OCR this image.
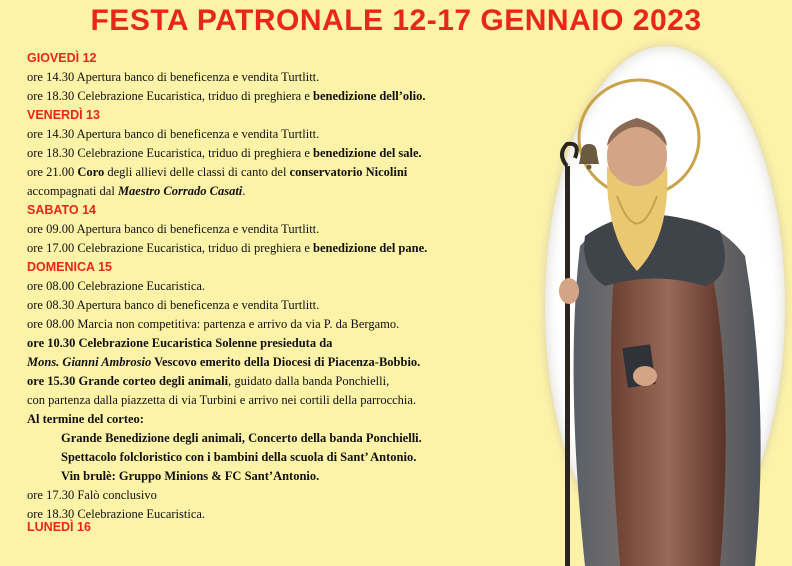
FESTA PATRONALE 12-17 GENNAIO 2023
GIOVEDÌ 12
ore 14.30 Apertura banco di beneficenza e vendita Turtlitt.
ore 18.30 Celebrazione Eucaristica, triduo di preghiera e benedizione dell’olio.
VENERDÌ 13
ore 14.30 Apertura banco di beneficenza e vendita Turtlitt.
ore 18.30 Celebrazione Eucaristica, triduo di preghiera e benedizione del sale.
ore 21.00 Coro degli allievi delle classi di canto del conservatorio Nicolini
accompagnati dal Maestro Corrado Casati.
SABATO 14
ore 09.00 Apertura banco di beneficenza e vendita Turtlitt.
ore 17.00 Celebrazione Eucaristica, triduo di preghiera e benedizione del pane.
DOMENICA 15
ore 08.00 Celebrazione Eucaristica.
ore 08.30 Apertura banco di beneficenza e vendita Turtlitt.
ore 08.00 Marcia non competitiva: partenza e arrivo da via P. da Bergamo.
ore 10.30 Celebrazione Eucaristica Solenne presieduta da
Mons. Gianni Ambrosio Vescovo emerito della Diocesi di Piacenza-Bobbio.
ore 15.30 Grande corteo degli animali, guidato dalla banda Ponchielli,
con partenza dalla piazzetta di via Turbini e arrivo nei cortili della parrocchia.
Al termine del corteo:
Grande Benedizione degli animali, Concerto della banda Ponchielli.
Spettacolo folcloristico con i bambini della scuola di Sant’ Antonio.
Vin brulè: Gruppo Minions & FC Sant’Antonio.
ore 17.30 Falò conclusivo
ore 18.30 Celebrazione Eucaristica.
LUNEDÌ 16
